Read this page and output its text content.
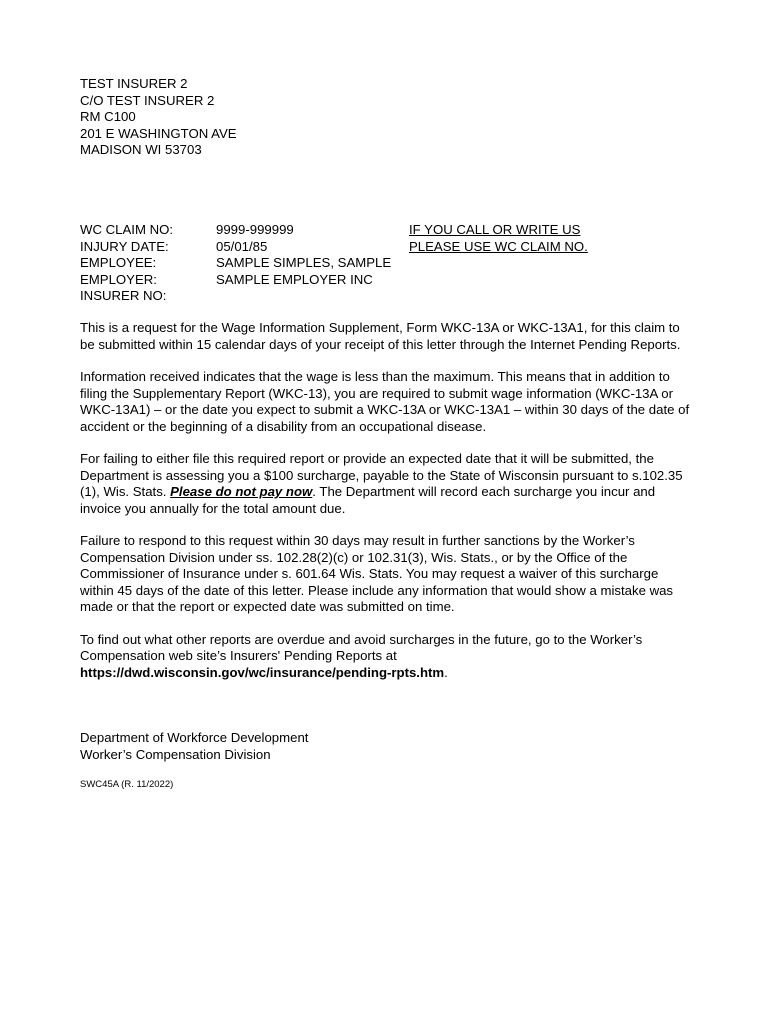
TEST INSURER 2
C/O TEST INSURER 2
RM C100
201 E WASHINGTON AVE
MADISON WI 53703
WC CLAIM NO:	9999-999999	IF YOU CALL OR WRITE US
INJURY DATE:	05/01/85	PLEASE USE WC CLAIM NO.
EMPLOYEE:	SAMPLE SIMPLES, SAMPLE
EMPLOYER:	SAMPLE EMPLOYER INC
INSURER NO:

This is a request for the Wage Information Supplement, Form WKC-13A or WKC-13A1, for this claim to be submitted within 15 calendar days of your receipt of this letter through the Internet Pending Reports.

Information received indicates that the wage is less than the maximum. This means that in addition to filing the Supplementary Report (WKC-13), you are required to submit wage information (WKC-13A or WKC-13A1) – or the date you expect to submit a WKC-13A or WKC-13A1 – within 30 days of the date of accident or the beginning of a disability from an occupational disease.

For failing to either file this required report or provide an expected date that it will be submitted, the Department is assessing you a $100 surcharge, payable to the State of Wisconsin pursuant to s.102.35 (1), Wis. Stats. Please do not pay now. The Department will record each surcharge you incur and invoice you annually for the total amount due.

Failure to respond to this request within 30 days may result in further sanctions by the Worker’s Compensation Division under ss. 102.28(2)(c) or 102.31(3), Wis. Stats., or by the Office of the Commissioner of Insurance under s. 601.64 Wis. Stats. You may request a waiver of this surcharge within 45 days of the date of this letter. Please include any information that would show a mistake was made or that the report or expected date was submitted on time.

To find out what other reports are overdue and avoid surcharges in the future, go to the Worker’s Compensation web site’s Insurers' Pending Reports at https://dwd.wisconsin.gov/wc/insurance/pending-rpts.htm.

Department of Workforce Development
Worker’s Compensation Division
SWC45A (R. 11/2022)
